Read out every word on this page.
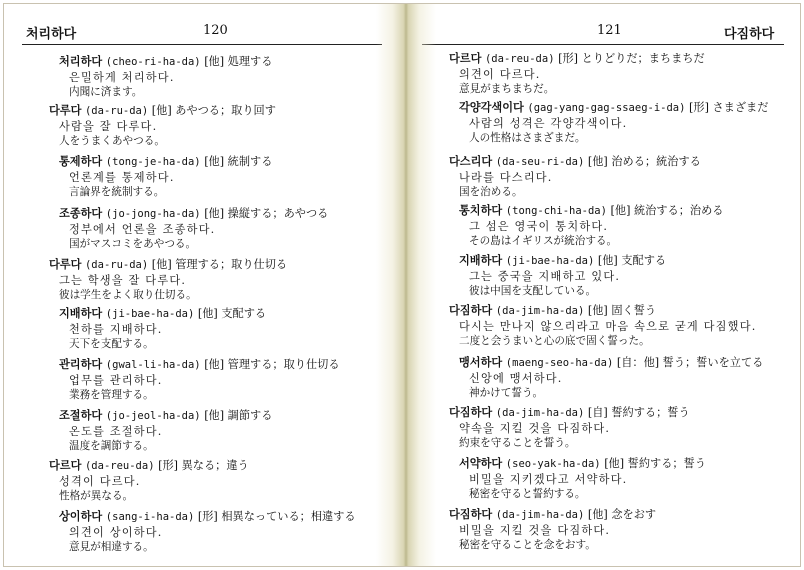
처리하다	120
처리하다 (cheo-ri-ha-da) [他] 処理する
은밀하게 처리하다.
内聞に済ます。
다루다 (da-ru-da) [他] あやつる；取り回す
사람을 잘 다루다.
人をうまくあやつる。
통제하다 (tong-je-ha-da) [他] 統制する
언론계를 통제하다.
言論界を統制する。
조종하다 (jo-jong-ha-da) [他] 操縦する；あやつる
정부에서 언론을 조종하다.
国がマスコミをあやつる。
다루다 (da-ru-da) [他] 管理する；取り仕切る
그는 학생을 잘 다루다.
彼は学生をよく取り仕切る。
지배하다 (ji-bae-ha-da) [他] 支配する
천하를 지배하다.
天下を支配する。
관리하다 (gwal-li-ha-da) [他] 管理する；取り仕切る
업무를 관리하다.
業務を管理する。
조절하다 (jo-jeol-ha-da) [他] 調節する
온도를 조절하다.
温度を調節する。
다르다 (da-reu-da) [形] 異なる；違う
성격이 다르다.
性格が異なる。
상이하다 (sang-i-ha-da) [形] 相異なっている；相違する
의견이 상이하다.
意見が相違する。
121	다짐하다
다르다 (da-reu-da) [形] とりどりだ；まちまちだ
의견이 다르다.
意見がまちまちだ。
각양각색이다 (gag-yang-gag-ssaeg-i-da) [形] さまざまだ
사람의 성격은 각양각색이다.
人の性格はさまざまだ。
다스리다 (da-seu-ri-da) [他] 治める；統治する
나라를 다스리다.
国を治める。
통치하다 (tong-chi-ha-da) [他] 統治する；治める
그 섬은 영국이 통치하다.
その島はイギリスが統治する。
지배하다 (ji-bae-ha-da) [他] 支配する
그는 중국을 지배하고 있다.
彼は中国を支配している。
다짐하다 (da-jim-ha-da) [他] 固く誓う
다시는 만나지 않으리라고 마음 속으로 굳게 다짐했다.
二度と会うまいと心の底で固く誓った。
맹서하다 (maeng-seo-ha-da) [自：他] 誓う；誓いを立てる
신앙에 맹서하다.
神かけて誓う。
다짐하다 (da-jim-ha-da) [自] 誓約する；誓う
약속을 지킬 것을 다짐하다.
約束を守ることを誓う。
서약하다 (seo-yak-ha-da) [他] 誓約する；誓う
비밀을 지키겠다고 서약하다.
秘密を守ると誓約する。
다짐하다 (da-jim-ha-da) [他] 念をおす
비밀을 지킬 것을 다짐하다.
秘密を守ることを念をおす。
